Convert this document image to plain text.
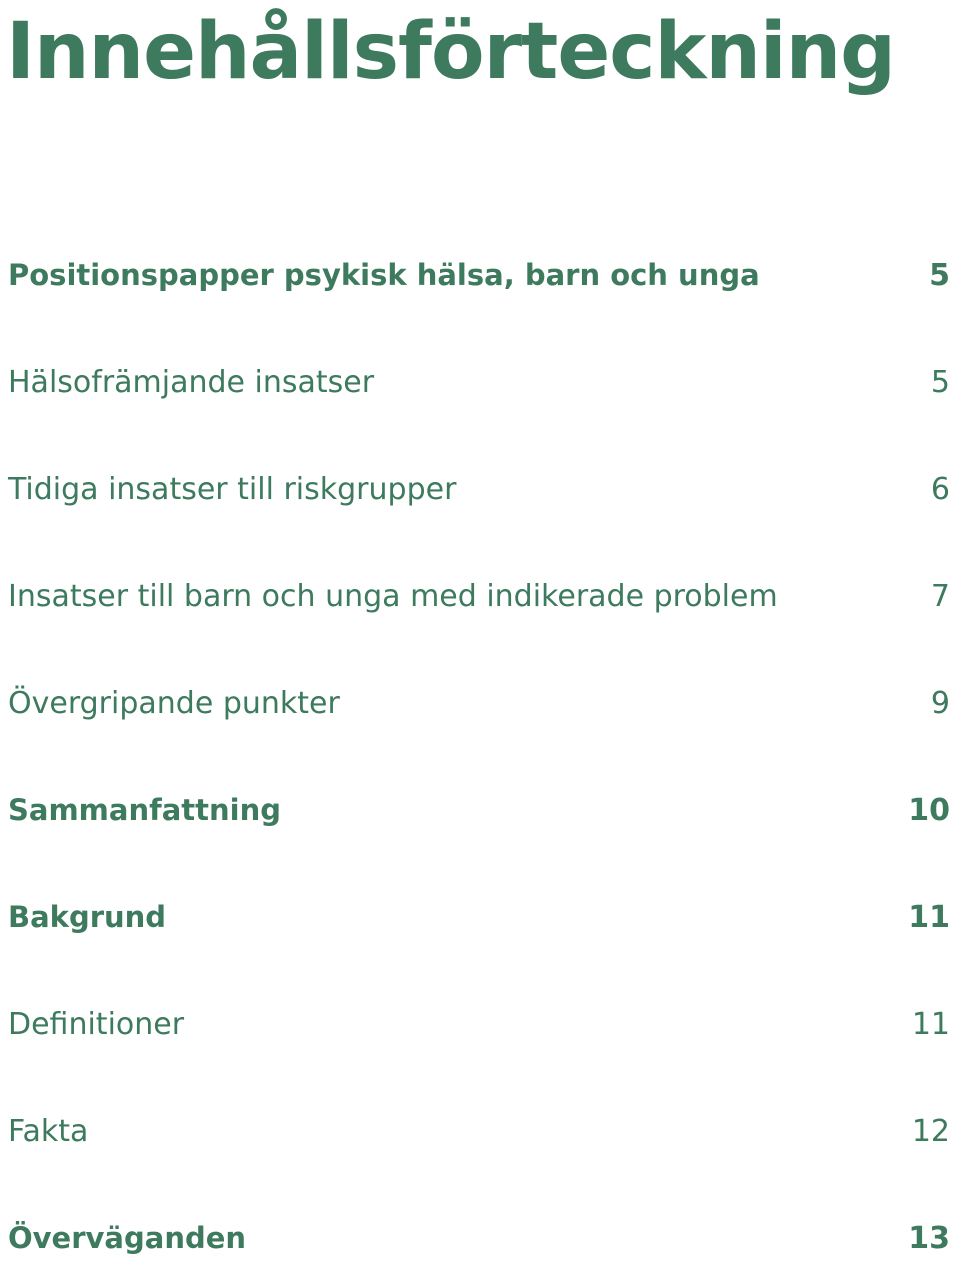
Innehållsförteckning
Positionspapper psykisk hälsa, barn och unga	5
Hälsofrämjande insatser	5
Tidiga insatser till riskgrupper	6
Insatser till barn och unga med indikerade problem	7
Övergripande punkter	9
Sammanfattning	10
Bakgrund	11
Definitioner	11
Fakta	12
Överväganden	13
